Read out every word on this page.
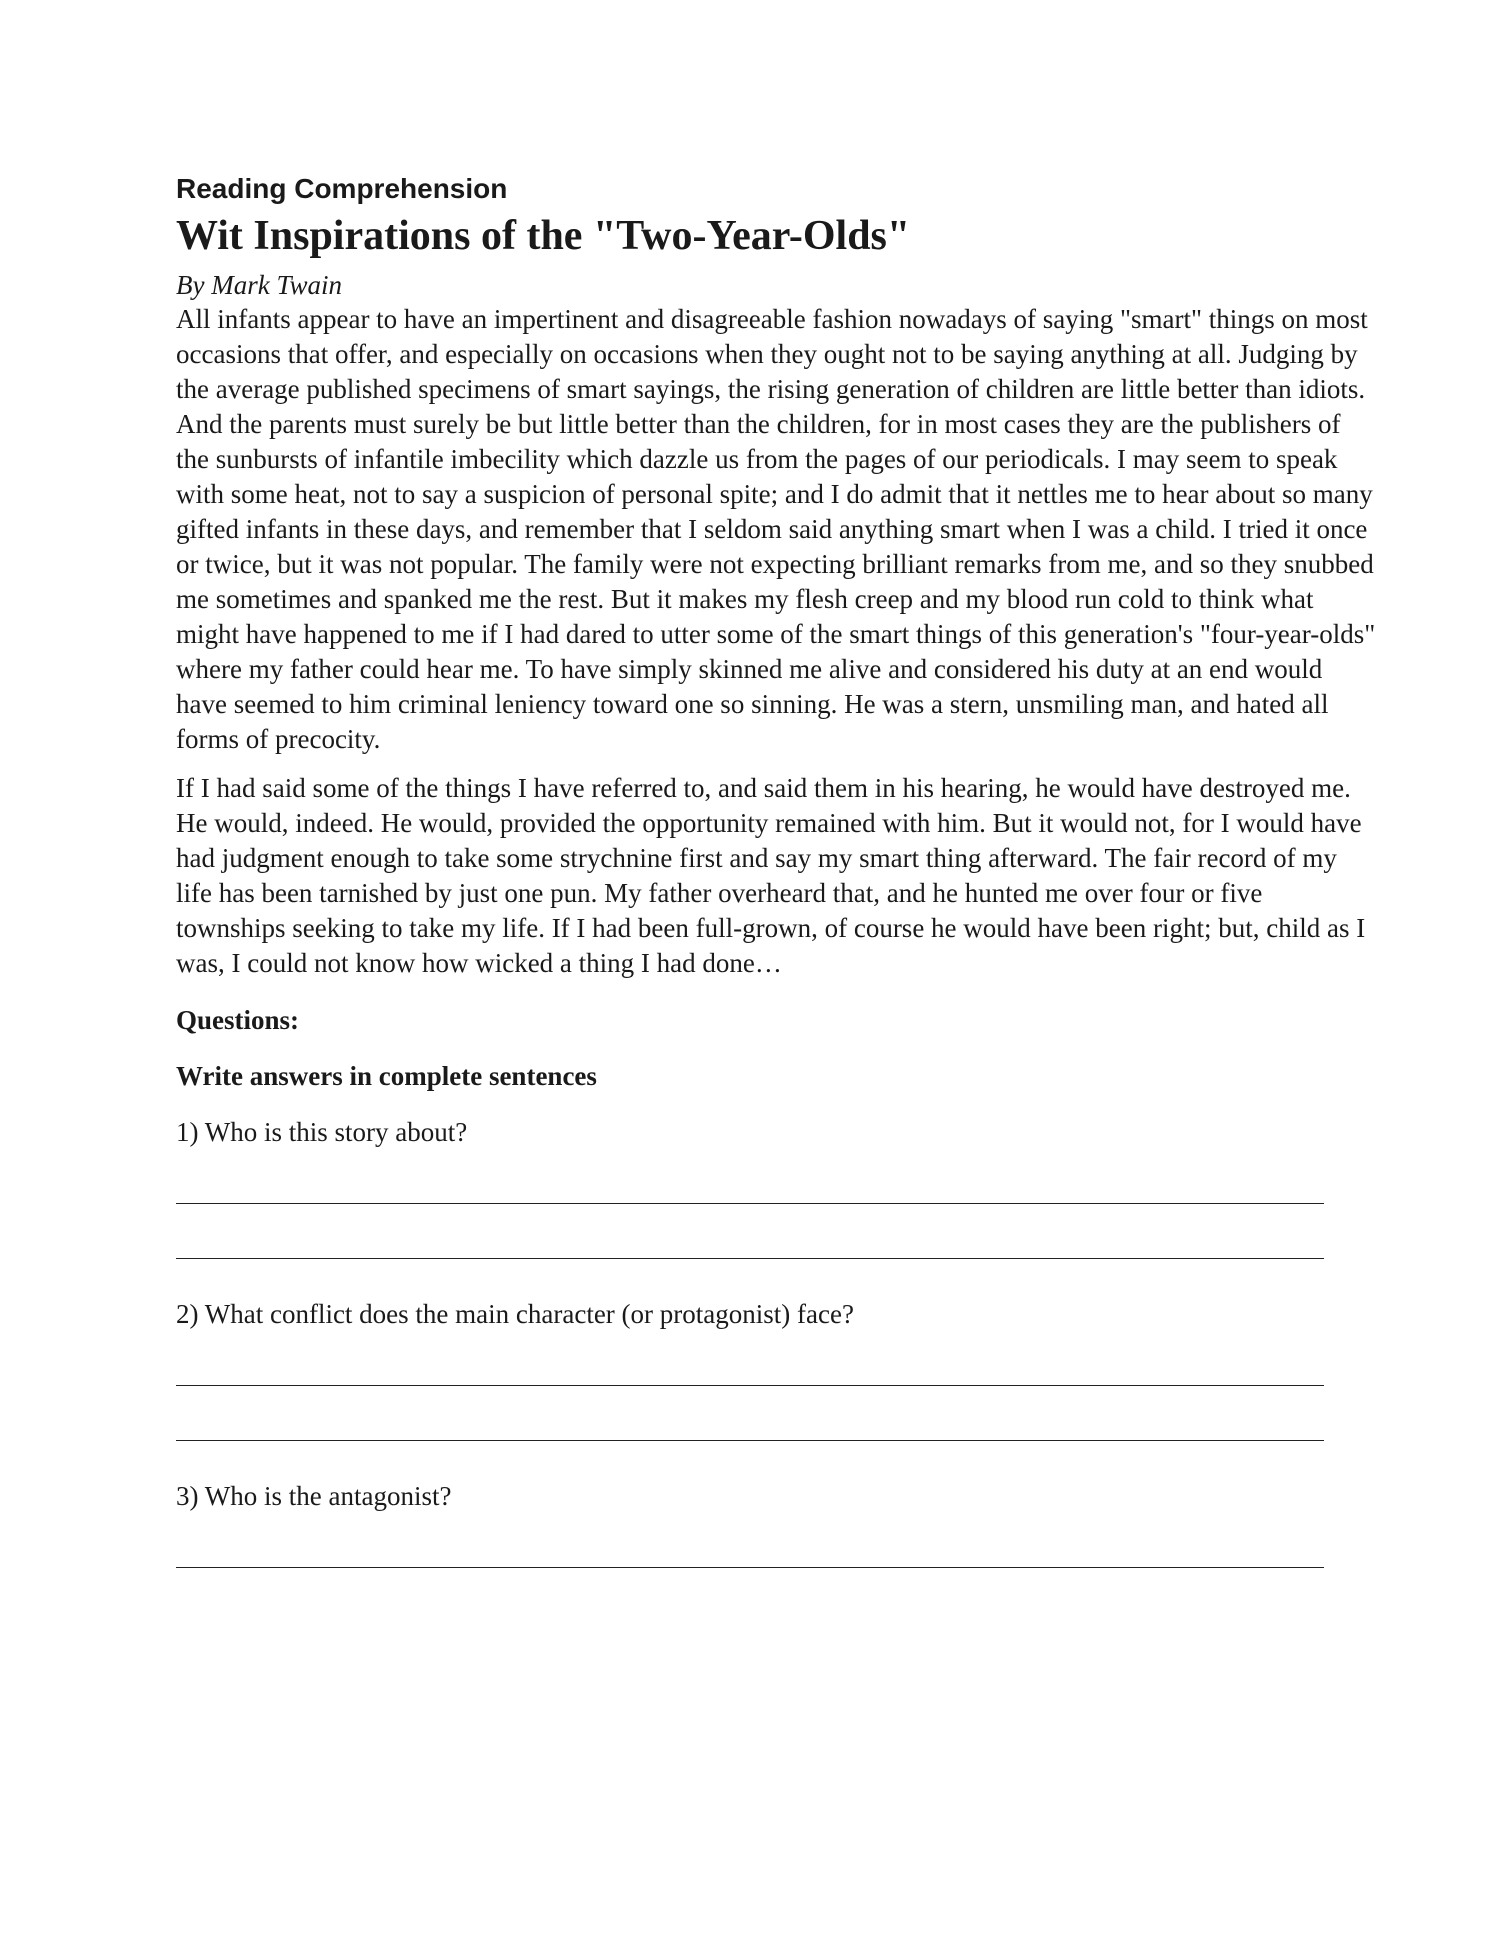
Reading Comprehension

Wit Inspirations of the "Two-Year-Olds"

By Mark Twain

All infants appear to have an impertinent and disagreeable fashion nowadays of saying "smart" things on most occasions that offer, and especially on occasions when they ought not to be saying anything at all. Judging by the average published specimens of smart sayings, the rising generation of children are little better than idiots. And the parents must surely be but little better than the children, for in most cases they are the publishers of the sunbursts of infantile imbecility which dazzle us from the pages of our periodicals. I may seem to speak with some heat, not to say a suspicion of personal spite; and I do admit that it nettles me to hear about so many gifted infants in these days, and remember that I seldom said anything smart when I was a child. I tried it once or twice, but it was not popular. The family were not expecting brilliant remarks from me, and so they snubbed me sometimes and spanked me the rest. But it makes my flesh creep and my blood run cold to think what might have happened to me if I had dared to utter some of the smart things of this generation's "four-year-olds" where my father could hear me. To have simply skinned me alive and considered his duty at an end would have seemed to him criminal leniency toward one so sinning. He was a stern, unsmiling man, and hated all forms of precocity.

If I had said some of the things I have referred to, and said them in his hearing, he would have destroyed me. He would, indeed. He would, provided the opportunity remained with him. But it would not, for I would have had judgment enough to take some strychnine first and say my smart thing afterward. The fair record of my life has been tarnished by just one pun. My father overheard that, and he hunted me over four or five townships seeking to take my life. If I had been full-grown, of course he would have been right; but, child as I was, I could not know how wicked a thing I had done…

Questions:

Write answers in complete sentences

1) Who is this story about?

2) What conflict does the main character (or protagonist) face?

3) Who is the antagonist?
